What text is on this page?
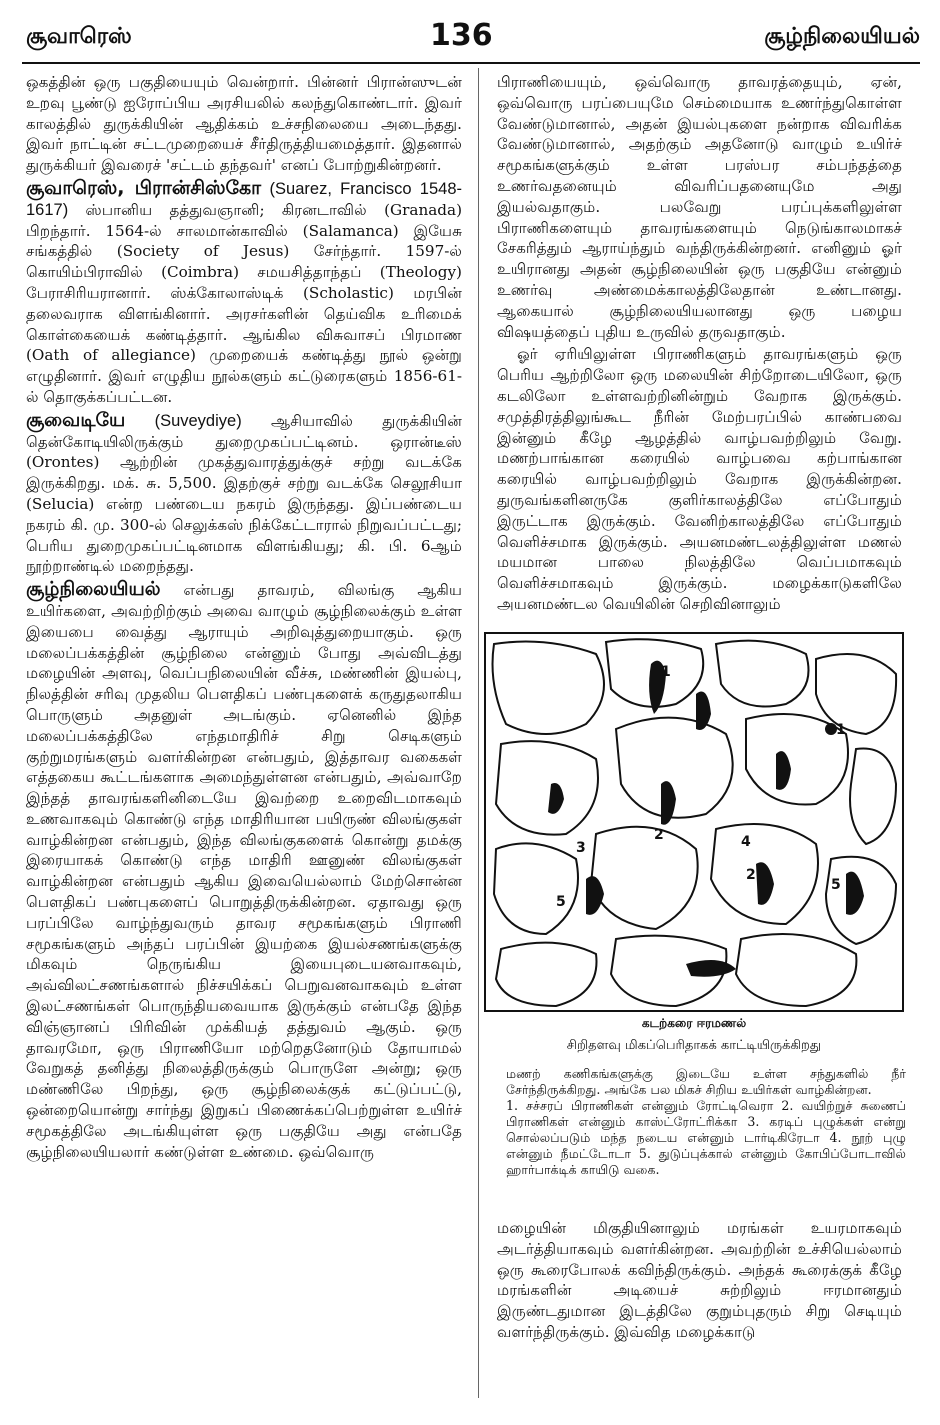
சூவாரெஸ்	136	சூழ்நிலையியல்

ஒகத்தின் ஒரு பகுதியையும் வென்றார். பின்னர் பிரான்ஸுடன் உறவு பூண்டு ஐரோப்பிய அரசியலில் கலந்துகொண்டார். இவர் காலத்தில் துருக்கியின் ஆதிக்கம் உச்சநிலையை அடைந்தது. இவர் நாட்டின் சட்டமுறையைச் சீர்திருத்தியமைத்தார். இதனால் துருக்கியர் இவரைச் 'சட்டம் தந்தவர்' எனப் போற்றுகின்றனர்.

சூவாரெஸ், பிரான்சிஸ்கோ (Suarez, Francisco 1548-1617) ஸ்பானிய தத்துவஞானி; கிரனடாவில் (Granada) பிறந்தார். 1564-ல் சாலமான்காவில் (Salamanca) இயேசு சங்கத்தில் (Society of Jesus) சேர்ந்தார். 1597-ல் கொயிம்பிராவில் (Coimbra) சமயசித்தாந்தப் (Theology) பேராசிரியரானார். ஸ்க்கோலாஸ்டிக் (Scholastic) மரபின் தலைவராக விளங்கினார். அரசர்களின் தெய்விக உரிமைக் கொள்கையைக் கண்டித்தார். ஆங்கில விசுவாசப் பிரமாண (Oath of allegiance) முறையைக் கண்டித்து நூல் ஒன்று எழுதினார். இவர் எழுதிய நூல்களும் கட்டுரைகளும் 1856-61-ல் தொகுக்கப்பட்டன.

சூவைடியே (Suveydiye) ஆசியாவில் துருக்கியின் தென்கோடியிலிருக்கும் துறைமுகப்பட்டினம். ஒரான்டீஸ் (Orontes) ஆற்றின் முகத்துவாரத்துக்குச் சற்று வடக்கே இருக்கிறது. மக். சு. 5,500. இதற்குச் சற்று வடக்கே செலூசியா (Selucia) என்ற பண்டைய நகரம் இருந்தது. இப்பண்டைய நகரம் கி. மு. 300-ல் செலுக்கஸ் நிக்கேட்டாரால் நிறுவப்பட்டது; பெரிய துறைமுகப்பட்டினமாக விளங்கியது; கி. பி. 6ஆம் நூற்றாண்டில் மறைந்தது.

சூழ்நிலையியல் என்பது தாவரம், விலங்கு ஆகிய உயிர்களை, அவற்றிற்கும் அவை வாழும் சூழ்நிலைக்கும் உள்ள இயைபை வைத்து ஆராயும் அறிவுத்துறையாகும். ஒரு மலைப்பக்கத்தின் சூழ்நிலை என்னும் போது அவ்விடத்து மழையின் அளவு, வெப்பநிலையின் வீச்சு, மண்ணின் இயல்பு, நிலத்தின் சரிவு முதலிய பௌதிகப் பண்புகளைக் கருதுதலாகிய பொருளும் அதனுள் அடங்கும். ஏனெனில் இந்த மலைப்பக்கத்திலே எந்தமாதிரிச் சிறு செடிகளும் குற்றுமரங்களும் வளர்கின்றன என்பதும், இத்தாவர வகைகள் எத்தகைய கூட்டங்களாக அமைந்துள்ளன என்பதும், அவ்வாறே இந்தத் தாவரங்களினிடையே இவற்றை உறைவிடமாகவும் உணவாகவும் கொண்டு எந்த மாதிரியான பயிருண் விலங்குகள் வாழ்கின்றன என்பதும், இந்த விலங்குகளைக் கொன்று தமக்கு இரையாகக் கொண்டு எந்த மாதிரி ஊனுண் விலங்குகள் வாழ்கின்றன என்பதும் ஆகிய இவையெல்லாம் மேற்சொன்ன பௌதிகப் பண்புகளைப் பொறுத்திருக்கின்றன. ஏதாவது ஒரு பரப்பிலே வாழ்ந்துவரும் தாவர சமூகங்களும் பிராணி சமூகங்களும் அந்தப் பரப்பின் இயற்கை இயல்சணங்களுக்கு மிகவும் நெருங்கிய இயைபுடையனவாகவும், அவ்விலட்சணங்களால் நிச்சயிக்கப் பெறுவனவாகவும் உள்ள இலட்சணங்கள் பொருந்தியவையாக இருக்கும் என்பதே இந்த விஞ்ஞானப் பிரிவின் முக்கியத் தத்துவம் ஆகும். ஒரு தாவரமோ, ஒரு பிராணியோ மற்றெதனோடும் தோயாமல் வேறுகத் தனித்து நிலைத்திருக்கும் பொருளே அன்று; ஒரு மண்ணிலே பிறந்து, ஒரு சூழ்நிலைக்குக் கட்டுப்பட்டு, ஒன்றையொன்று சார்ந்து இறுகப் பிணைக்கப்பெற்றுள்ள உயிர்ச் சமூகத்திலே அடங்கியுள்ள ஒரு பகுதியே அது என்பதே சூழ்நிலையியலார் கண்டுள்ள உண்மை. ஒவ்வொரு

பிராணியையும், ஒவ்வொரு தாவரத்தையும், ஏன், ஒவ்வொரு பரப்பையுமே செம்மையாக உணர்ந்துகொள்ள வேண்டுமானால், அதன் இயல்புகளை நன்றாக விவரிக்க வேண்டுமானால், அதற்கும் அதனோடு வாழும் உயிர்ச் சமூகங்களுக்கும் உள்ள பரஸ்பர சம்பந்தத்தை உணர்வதனையும் விவரிப்பதனையுமே அது இயல்வதாகும். பலவேறு பரப்புக்களிலுள்ள பிராணிகளையும் தாவரங்களையும் நெடுங்காலமாகச் சேகரித்தும் ஆராய்ந்தும் வந்திருக்கின்றனர். எனினும் ஓர் உயிரானது அதன் சூழ்நிலையின் ஒரு பகுதியே என்னும் உணர்வு அண்மைக்காலத்திலேதான் உண்டானது. ஆகையால் சூழ்நிலையியலானது ஒரு பழைய விஷயத்தைப் புதிய உருவில் தருவதாகும்.

ஓர் ஏரியிலுள்ள பிராணிகளும் தாவரங்களும் ஒரு பெரிய ஆற்றிலோ ஒரு மலையின் சிற்றோடையிலோ, ஒரு கடலிலோ உள்ளவற்றினின்றும் வேறாக இருக்கும். சமுத்திரத்திலுங்கூட நீரின் மேற்பரப்பில் காண்பவை இன்னும் கீழே ஆழத்தில் வாழ்பவற்றிலும் வேறு. மணற்பாங்கான கரையில் வாழ்பவை கற்பாங்கான கரையில் வாழ்பவற்றிலும் வேறாக இருக்கின்றன. துருவங்களினருகே குளிர்காலத்திலே எப்போதும் இருட்டாக இருக்கும். வேனிற்காலத்திலே எப்போதும் வெளிச்சமாக இருக்கும். அயனமண்டலத்திலுள்ள மணல் மயமான பாலை நிலத்திலே வெப்பமாகவும் வெளிச்சமாகவும் இருக்கும். மழைக்காடுகளிலே அயனமண்டல வெயிலின் செறிவினாலும்

1
2
3	4
5
1
2
5
கடற்கரை ஈரமணல்
சிறிதளவு மிகப்பெரிதாகக் காட்டியிருக்கிறது

மணற் கணிகங்களுக்கு இடையே உள்ள சந்துகளில் நீர் சேர்ந்திருக்கிறது. அங்கே பல மிகச் சிறிய உயிர்கள் வாழ்கின்றன.

1. சச்சரப் பிராணிகள் என்னும் ரோட்டிவெரா 2. வயிற்றுச் சுணைப் பிராணிகள் என்னும் காஸ்ட்ரோட்ரிக்கா 3. கரடிப் புழுக்கள் என்று சொல்லப்படும் மந்த நடைய என்னும் டார்டிகிரேடா 4. நூற் புழு என்னும் நீமட்டோடா 5. துடுப்புக்கால் என்னும் கோபிப்போடாவில் ஹார்பாக்டிக் காயிடு வகை.

மழையின் மிகுதியினாலும் மரங்கள் உயரமாகவும் அடர்த்தியாகவும் வளர்கின்றன. அவற்றின் உச்சியெல்லாம் ஒரு கூரைபோலக் கவிந்திருக்கும். அந்தக் கூரைக்குக் கீழே மரங்களின் அடியைச் சுற்றிலும் ஈரமானதும் இருண்டதுமான இடத்திலே குறும்புதரும் சிறு செடியும் வளர்ந்திருக்கும். இவ்வித மழைக்காடு
